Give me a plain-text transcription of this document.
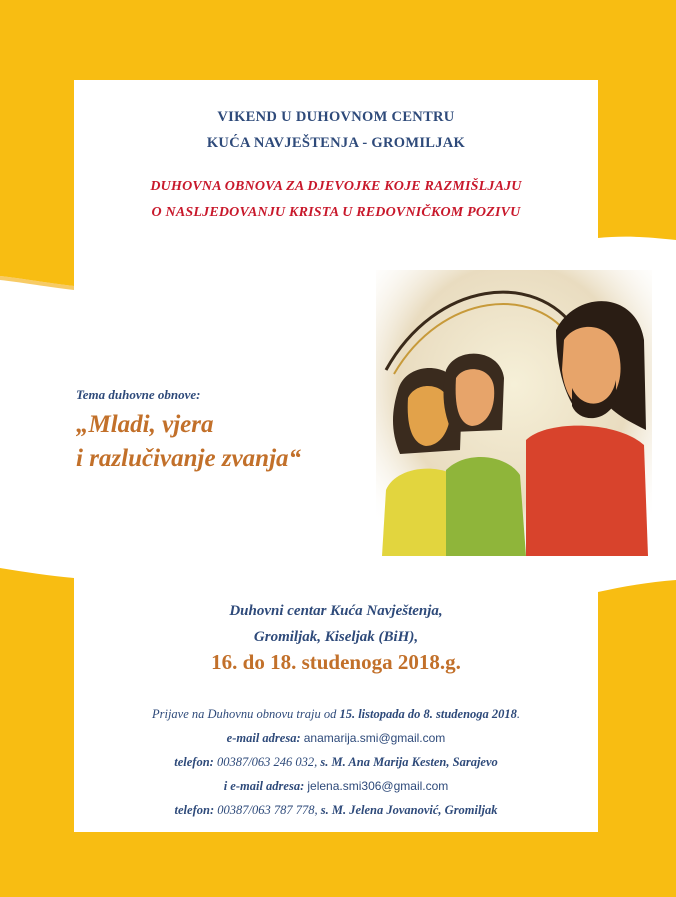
VIKEND U DUHOVNOM CENTRU
KUĆA NAVJEŠTENJA - GROMILJAK
DUHOVNA OBNOVA ZA DJEVOJKE KOJE RAZMIŠLJAJU
O NASLJEDOVANJU KRISTA U REDOVNIČKOM POZIVU
Tema duhovne obnove:
„Mladi, vjera
i razlučivanje zvanja“
Duhovni centar Kuća Navještenja,
Gromiljak, Kiseljak (BiH),
16. do 18. studenoga 2018.g.
Prijave na Duhovnu obnovu traju od 15. listopada do 8. studenoga 2018.
e-mail adresa: anamarija.smi@gmail.com
telefon: 00387/063 246 032, s. M. Ana Marija Kesten, Sarajevo
i e-mail adresa: jelena.smi306@gmail.com
telefon: 00387/063 787 778, s. M. Jelena Jovanović, Gromiljak
